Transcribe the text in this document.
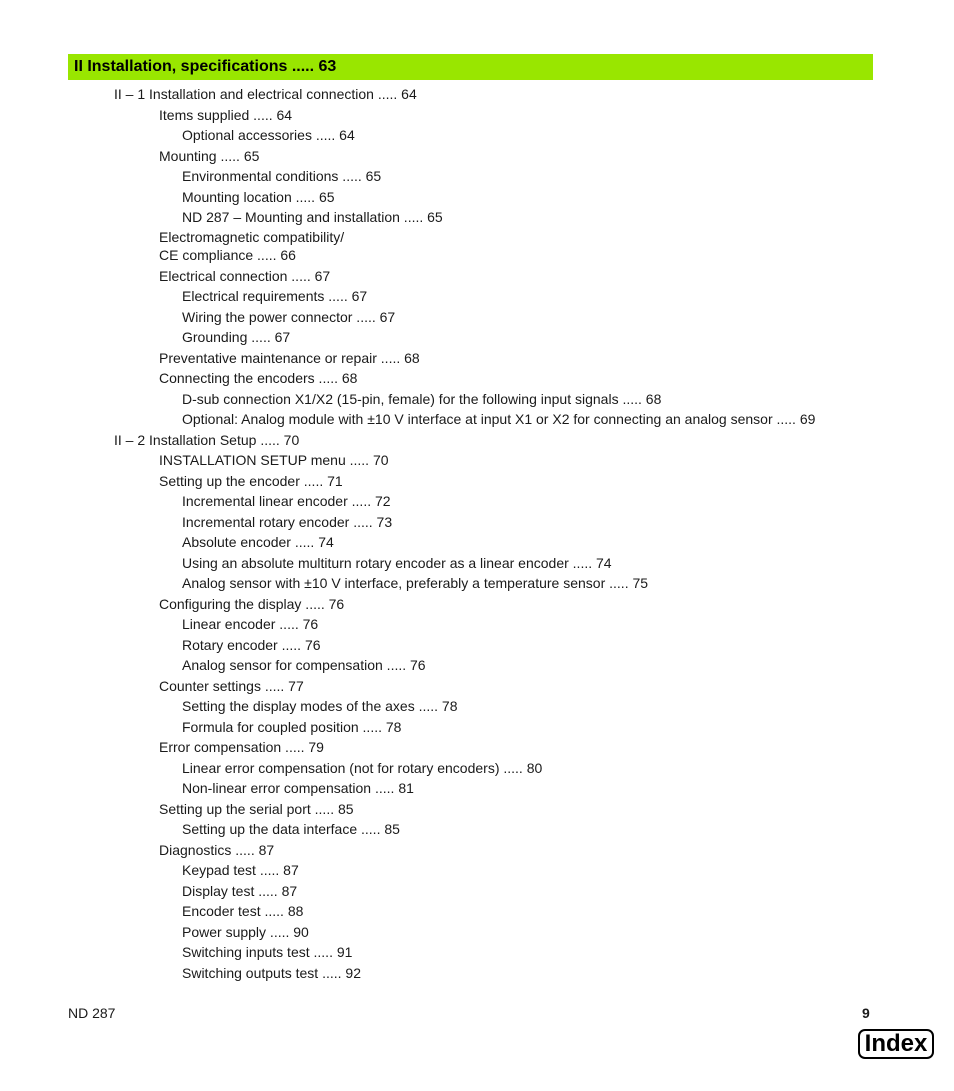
II Installation, specifications ..... 63
II – 1 Installation and electrical connection ..... 64
Items supplied ..... 64
Optional accessories ..... 64
Mounting ..... 65
Environmental conditions ..... 65
Mounting location ..... 65
ND 287 – Mounting and installation ..... 65
Electromagnetic compatibility/
CE compliance ..... 66
Electrical connection ..... 67
Electrical requirements ..... 67
Wiring the power connector ..... 67
Grounding ..... 67
Preventative maintenance or repair ..... 68
Connecting the encoders ..... 68
D-sub connection X1/X2 (15-pin, female) for the following input signals ..... 68
Optional: Analog module with ±10 V interface at input X1 or X2 for connecting an analog sensor ..... 69
II – 2 Installation Setup ..... 70
INSTALLATION SETUP menu ..... 70
Setting up the encoder ..... 71
Incremental linear encoder ..... 72
Incremental rotary encoder ..... 73
Absolute encoder ..... 74
Using an absolute multiturn rotary encoder as a linear encoder ..... 74
Analog sensor with ±10 V interface, preferably a temperature sensor ..... 75
Configuring the display ..... 76
Linear encoder ..... 76
Rotary encoder ..... 76
Analog sensor for compensation ..... 76
Counter settings ..... 77
Setting the display modes of the axes ..... 78
Formula for coupled position ..... 78
Error compensation ..... 79
Linear error compensation (not for rotary encoders) ..... 80
Non-linear error compensation ..... 81
Setting up the serial port ..... 85
Setting up the data interface ..... 85
Diagnostics ..... 87
Keypad test ..... 87
Display test ..... 87
Encoder test ..... 88
Power supply ..... 90
Switching inputs test ..... 91
Switching outputs test ..... 92
ND 287	9
Index
